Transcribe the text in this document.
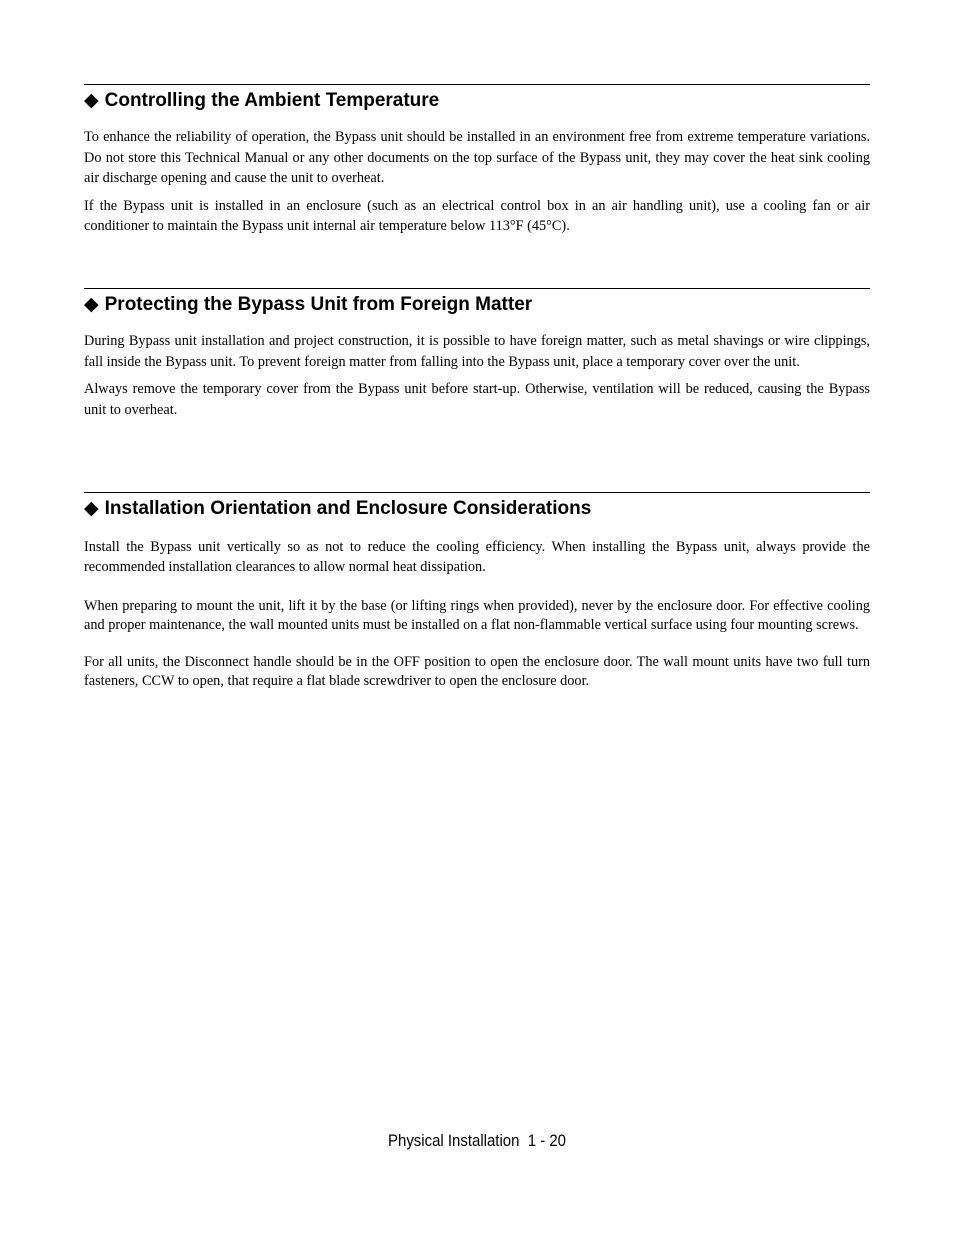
◆ Controlling the Ambient Temperature

To enhance the reliability of operation, the Bypass unit should be installed in an environment free from extreme temperature variations. Do not store this Technical Manual or any other documents on the top surface of the Bypass unit, they may cover the heat sink cooling air discharge opening and cause the unit to overheat.

If the Bypass unit is installed in an enclosure (such as an electrical control box in an air handling unit), use a cooling fan or air conditioner to maintain the Bypass unit internal air temperature below 113°F (45°C).

◆ Protecting the Bypass Unit from Foreign Matter

During Bypass unit installation and project construction, it is possible to have foreign matter, such as metal shavings or wire clippings, fall inside the Bypass unit. To prevent foreign matter from falling into the Bypass unit, place a temporary cover over the unit.

Always remove the temporary cover from the Bypass unit before start-up. Otherwise, ventilation will be reduced, causing the Bypass unit to overheat.

◆ Installation Orientation and Enclosure Considerations

Install the Bypass unit vertically so as not to reduce the cooling efficiency. When installing the Bypass unit, always provide the recommended installation clearances to allow normal heat dissipation.

When preparing to mount the unit, lift it by the base (or lifting rings when provided), never by the enclosure door. For effective cooling and proper maintenance, the wall mounted units must be installed on a flat non-flammable vertical surface using four mounting screws.

For all units, the Disconnect handle should be in the OFF position to open the enclosure door. The wall mount units have two full turn fasteners, CCW to open, that require a flat blade screwdriver to open the enclosure door.

Physical Installation  1 - 20
